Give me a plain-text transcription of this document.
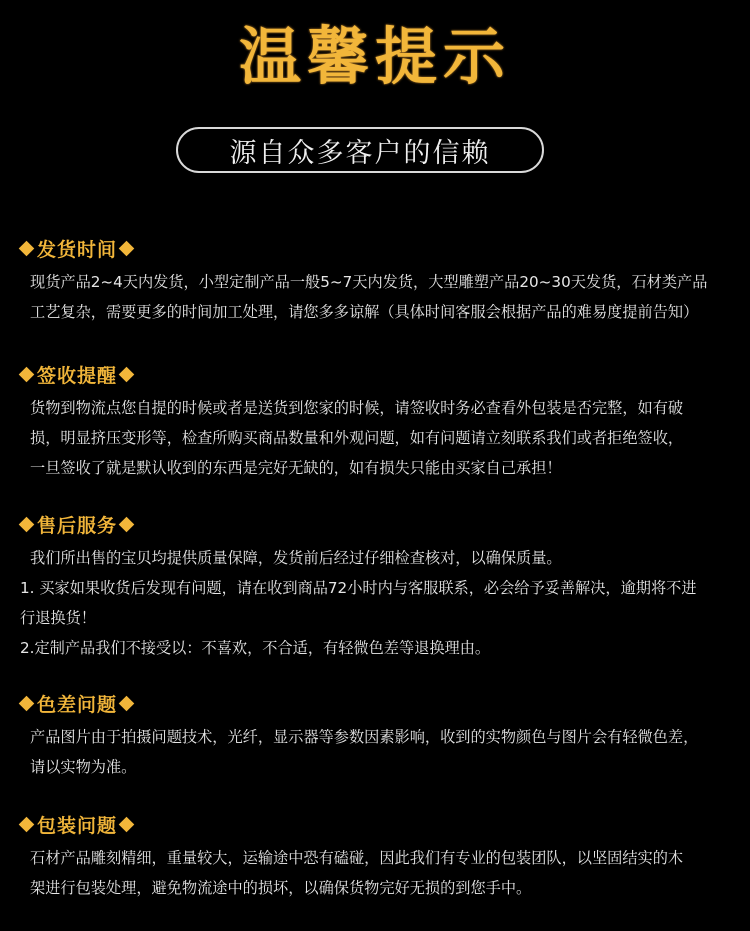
温馨提示
源自众多客户的信赖
发货时间

现货产品2~4天内发货，小型定制产品一般5~7天内发货，大型雕塑产品20~30天发货，石材类产品

工艺复杂，需要更多的时间加工处理，请您多多谅解（具体时间客服会根据产品的难易度提前告知）

签收提醒

货物到物流点您自提的时候或者是送货到您家的时候，请签收时务必查看外包装是否完整，如有破

损，明显挤压变形等，检查所购买商品数量和外观问题，如有问题请立刻联系我们或者拒绝签收，

一旦签收了就是默认收到的东西是完好无缺的，如有损失只能由买家自己承担！

售后服务

我们所出售的宝贝均提供质量保障，发货前后经过仔细检查核对，以确保质量。

1. 买家如果收货后发现有问题，请在收到商品72小时内与客服联系，必会给予妥善解决，逾期将不进

行退换货！

2.定制产品我们不接受以：不喜欢，不合适，有轻微色差等退换理由。

色差问题

产品图片由于拍摄问题技术，光纤，显示器等参数因素影响，收到的实物颜色与图片会有轻微色差，

请以实物为准。

包装问题

石材产品雕刻精细，重量较大，运输途中恐有磕碰，因此我们有专业的包装团队，以坚固结实的木

架进行包装处理，避免物流途中的损坏，以确保货物完好无损的到您手中。
